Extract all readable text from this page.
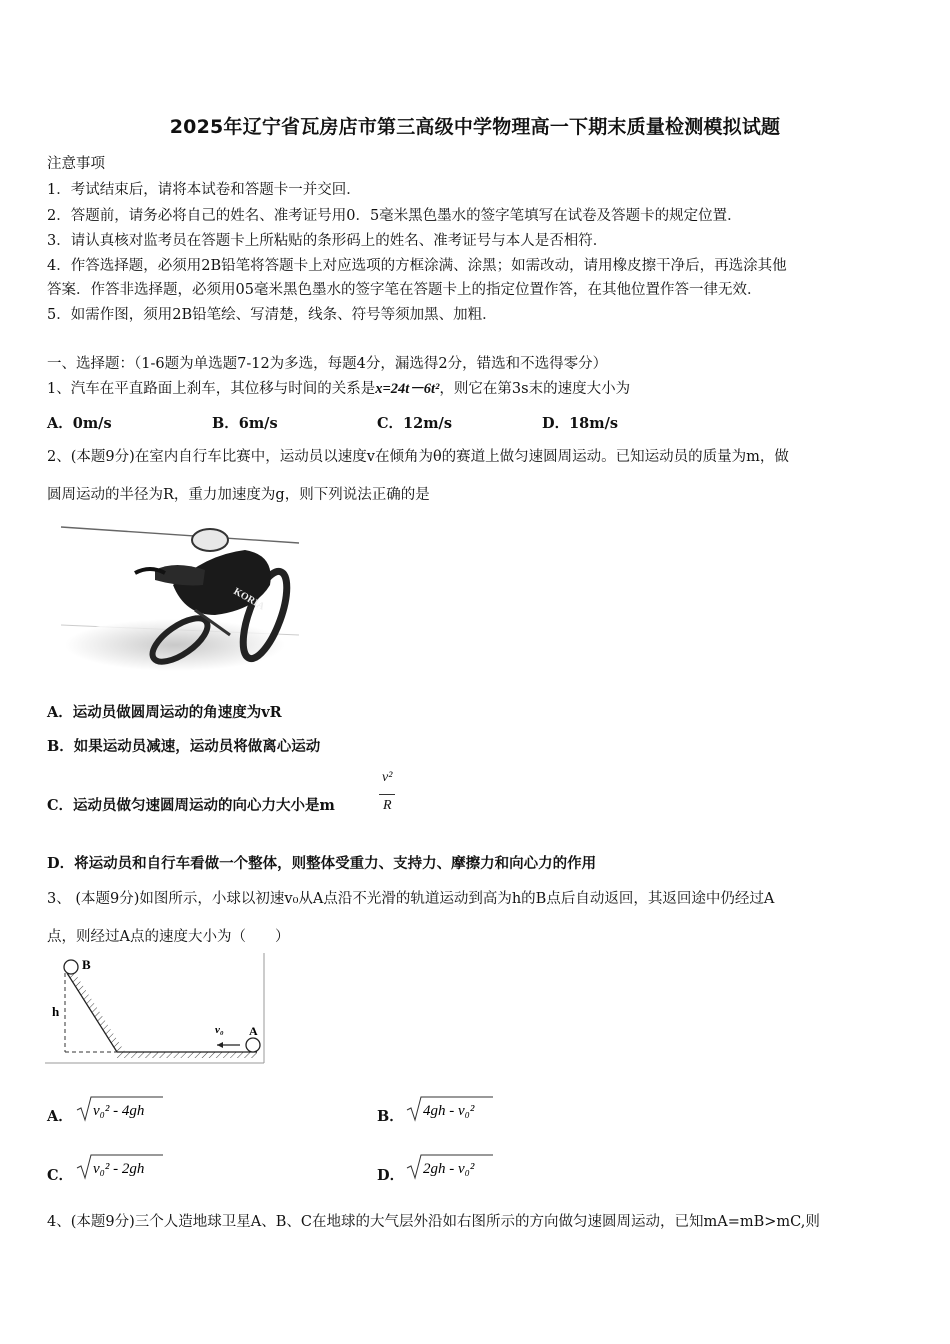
2025年辽宁省瓦房店市第三高级中学物理高一下期末质量检测模拟试题
注意事项
1．考试结束后，请将本试卷和答题卡一并交回．
2．答题前，请务必将自己的姓名、准考证号用0．5毫米黑色墨水的签字笔填写在试卷及答题卡的规定位置．
3．请认真核对监考员在答题卡上所粘贴的条形码上的姓名、准考证号与本人是否相符．
4．作答选择题，必须用2B铅笔将答题卡上对应选项的方框涂满、涂黑；如需改动，请用橡皮擦干净后，再选涂其他
答案．作答非选择题，必须用05毫米黑色墨水的签字笔在答题卡上的指定位置作答，在其他位置作答一律无效．
5．如需作图，须用2B铅笔绘、写清楚，线条、符号等须加黑、加粗．
一、选择题：（1-6题为单选题7-12为多选，每题4分，漏选得2分，错选和不选得零分）
1、汽车在平直路面上刹车，其位移与时间的关系是x=24t－6t²，则它在第3s末的速度大小为
A．0m/s	B．6m/s	C．12m/s	D．18m/s
2、(本题9分)在室内自行车比赛中，运动员以速度v在倾角为θ的赛道上做匀速圆周运动。已知运动员的质量为m，做
圆周运动的半径为R，重力加速度为g，则下列说法正确的是
KORIA
A．运动员做圆周运动的角速度为vR
B．如果运动员减速，运动员将做离心运动
C．运动员做匀速圆周运动的向心力大小是m
v²
R
D．将运动员和自行车看做一个整体，则整体受重力、支持力、摩擦力和向心力的作用
3、 (本题9分)如图所示，小球以初速v₀从A点沿不光滑的轨道运动到高为h的B点后自动返回，其返回途中仍经过A
点，则经过A点的速度大小为（　　）
B
h
v₀ A
A． v₀² - 4gh	B． 4gh - v₀²
C． v₀² - 2gh	D． 2gh - v₀²
4、(本题9分)三个人造地球卫星A、B、C在地球的大气层外沿如右图所示的方向做匀速圆周运动，已知mA=mB>mC,则
